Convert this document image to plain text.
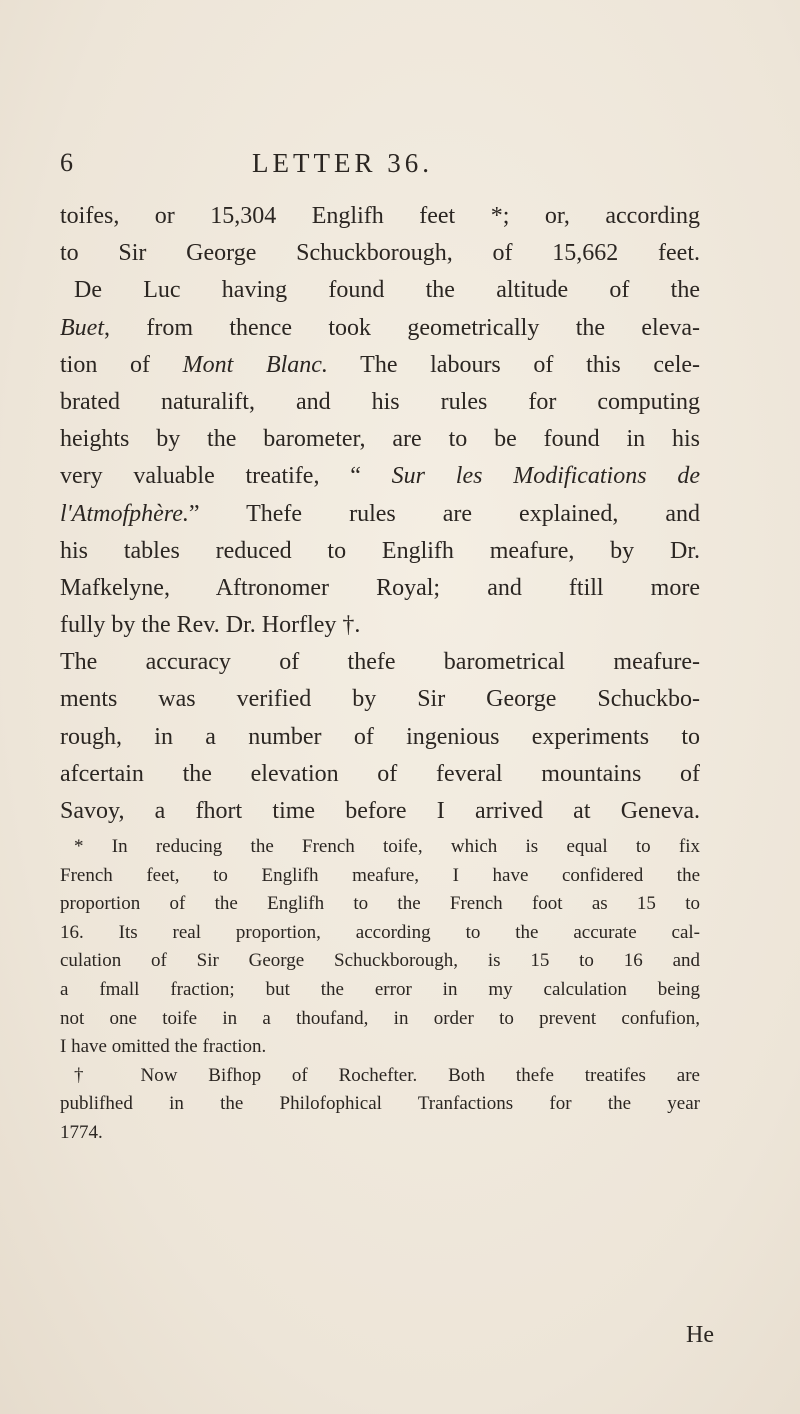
6	LETTER 36.
toifes, or 15,304 Englifh feet *; or, according
to Sir George Schuckborough, of 15,662 feet.
De Luc having found the altitude of the
Buet, from thence took geometrically the eleva-
tion of Mont Blanc. The labours of this cele-
brated naturalift, and his rules for computing
heights by the barometer, are to be found in his
very valuable treatife, “ Sur les Modifications de
l'Atmofphère.” Thefe rules are explained, and
his tables reduced to Englifh meafure, by Dr.
Mafkelyne, Aftronomer Royal; and ftill more
fully by the Rev. Dr. Horfley †.
The accuracy of thefe barometrical meafure-
ments was verified by Sir George Schuckbo-
rough, in a number of ingenious experiments to
afcertain the elevation of feveral mountains of
Savoy, a fhort time before I arrived at Geneva.
* In reducing the French toife, which is equal to fix
French feet, to Englifh meafure, I have confidered the
proportion of the Englifh to the French foot as 15 to
16. Its real proportion, according to the accurate cal-
culation of Sir George Schuckborough, is 15 to 16 and
a fmall fraction; but the error in my calculation being
not one toife in a thoufand, in order to prevent confufion,
I have omitted the fraction.
† Now Bifhop of Rochefter. Both thefe treatifes are
publifhed in the Philofophical Tranfactions for the year
1774.
He
